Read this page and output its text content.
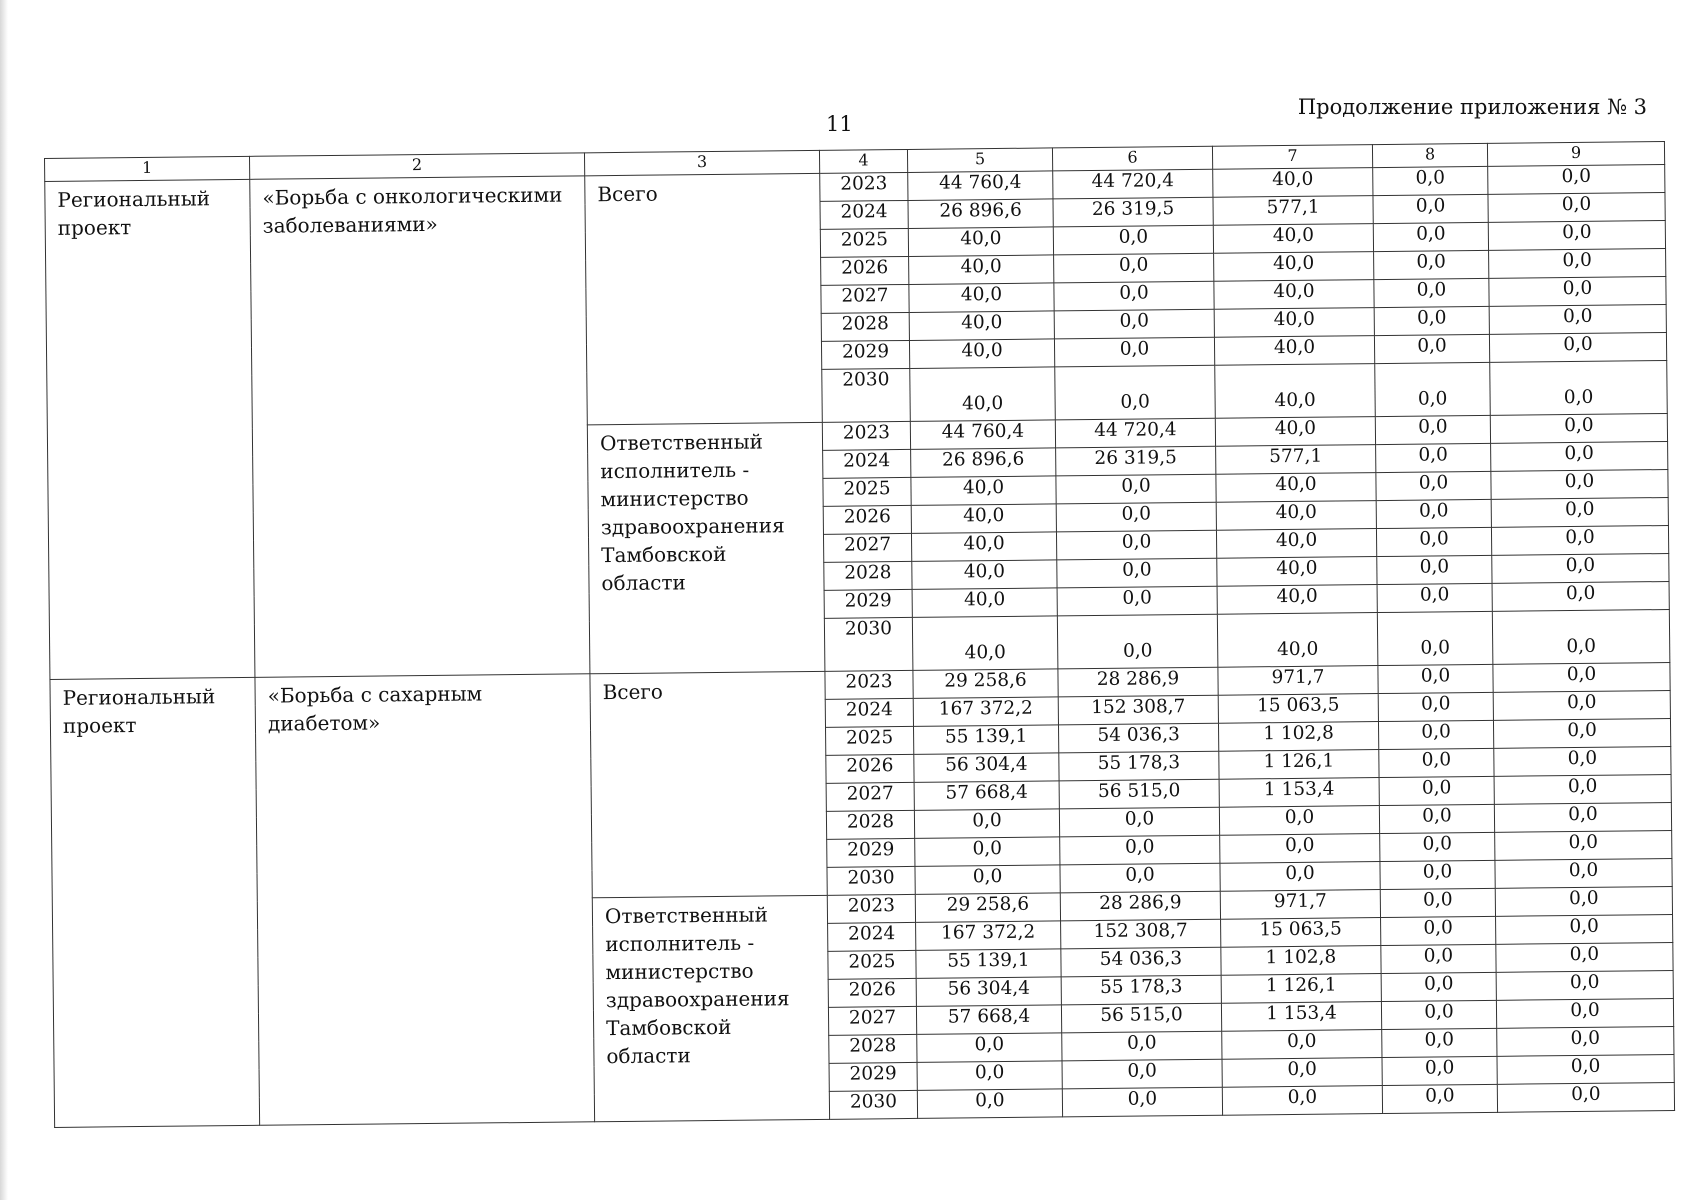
11
Продолжение приложения № 3
1	2	3	4	5	6	7	8	9
Региональный проект	«Борьба с онкологическими заболеваниями»	Всего	2023	44 760,4	44 720,4	40,0	0,0	0,0
			2024	26 896,6	26 319,5	577,1	0,0	0,0
			2025	40,0	0,0	40,0	0,0	0,0
			2026	40,0	0,0	40,0	0,0	0,0
			2027	40,0	0,0	40,0	0,0	0,0
			2028	40,0	0,0	40,0	0,0	0,0
			2029	40,0	0,0	40,0	0,0	0,0
			2030	40,0	0,0	40,0	0,0	0,0
		Ответственный исполнитель - министерство здравоохранения Тамбовской области	2023	44 760,4	44 720,4	40,0	0,0	0,0
			2024	26 896,6	26 319,5	577,1	0,0	0,0
			2025	40,0	0,0	40,0	0,0	0,0
			2026	40,0	0,0	40,0	0,0	0,0
			2027	40,0	0,0	40,0	0,0	0,0
			2028	40,0	0,0	40,0	0,0	0,0
			2029	40,0	0,0	40,0	0,0	0,0
			2030	40,0	0,0	40,0	0,0	0,0
Региональный проект	«Борьба с сахарным диабетом»	Всего	2023	29 258,6	28 286,9	971,7	0,0	0,0
			2024	167 372,2	152 308,7	15 063,5	0,0	0,0
			2025	55 139,1	54 036,3	1 102,8	0,0	0,0
			2026	56 304,4	55 178,3	1 126,1	0,0	0,0
			2027	57 668,4	56 515,0	1 153,4	0,0	0,0
			2028	0,0	0,0	0,0	0,0	0,0
			2029	0,0	0,0	0,0	0,0	0,0
			2030	0,0	0,0	0,0	0,0	0,0
		Ответственный исполнитель - министерство здравоохранения Тамбовской области	2023	29 258,6	28 286,9	971,7	0,0	0,0
			2024	167 372,2	152 308,7	15 063,5	0,0	0,0
			2025	55 139,1	54 036,3	1 102,8	0,0	0,0
			2026	56 304,4	55 178,3	1 126,1	0,0	0,0
			2027	57 668,4	56 515,0	1 153,4	0,0	0,0
			2028	0,0	0,0	0,0	0,0	0,0
			2029	0,0	0,0	0,0	0,0	0,0
			2030	0,0	0,0	0,0	0,0	0,0
